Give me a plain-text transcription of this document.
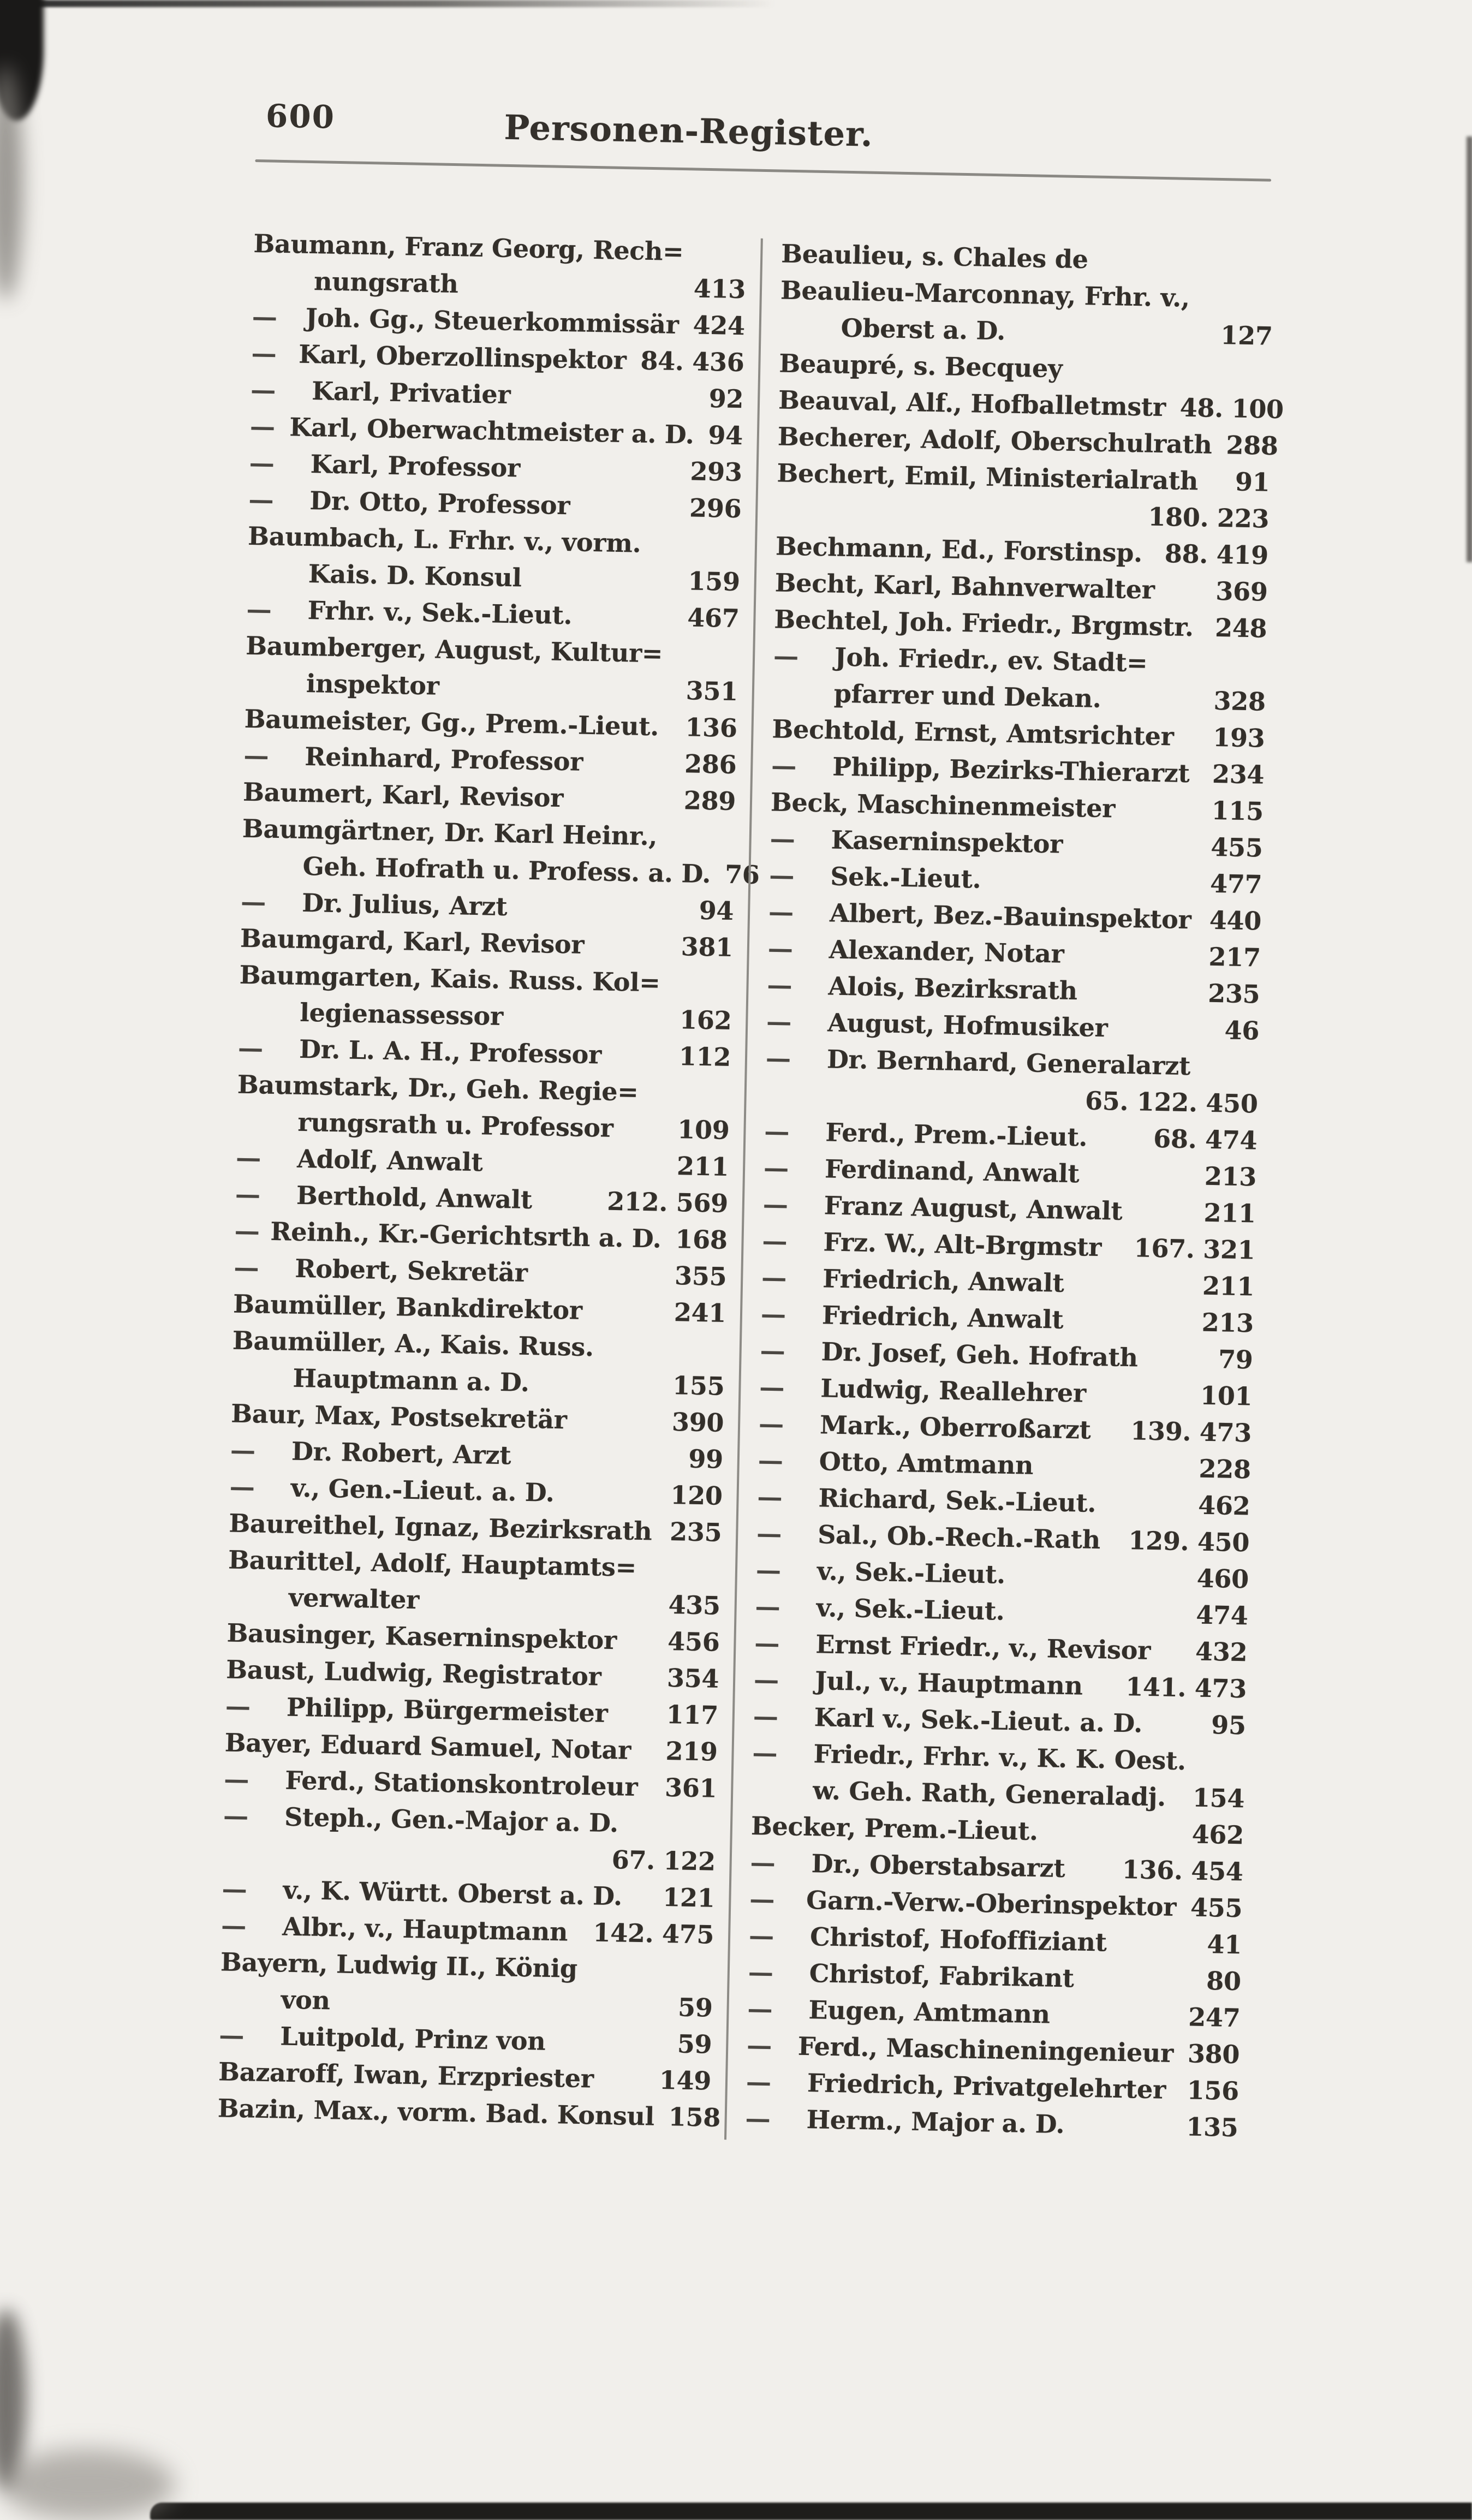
600	Personen-Register.
Baumann, Franz Georg, Rech=
nungsrath	413
—	Joh. Gg., Steuerkommissär 424
— Karl, Oberzollinspektor 84. 436
—	Karl, Privatier	92
— Karl, Oberwachtmeister a. D. 94
—	Karl, Professor	293
—	Dr. Otto, Professor	296
Baumbach, L. Frhr. v., vorm.
Kais. D. Konsul	159
—	Frhr. v., Sek.-Lieut.	467
Baumberger, August, Kultur=
inspektor	351
Baumeister, Gg., Prem.-Lieut.	136
—	Reinhard, Professor	286
Baumert, Karl, Revisor	289
Baumgärtner, Dr. Karl Heinr.,
Geh. Hofrath u. Profess. a. D. 76
—	Dr. Julius, Arzt	94
Baumgard, Karl, Revisor	381
Baumgarten, Kais. Russ. Kol=
legienassessor	162
—	Dr. L. A. H., Professor	112
Baumstark, Dr., Geh. Regie=
rungsrath u. Professor	109
—	Adolf, Anwalt	211
—	Berthold, Anwalt	212. 569
— Reinh., Kr.-Gerichtsrth a. D. 168
—	Robert, Sekretär	355
Baumüller, Bankdirektor	241
Baumüller, A., Kais. Russ.
Hauptmann a. D.	155
Baur, Max, Postsekretär	390
—	Dr. Robert, Arzt	99
—	v., Gen.-Lieut. a. D.	120
Baureithel, Ignaz, Bezirksrath 235
Baurittel, Adolf, Hauptamts=
verwalter	435
Bausinger, Kaserninspektor	456
Baust, Ludwig, Registrator	354
—	Philipp, Bürgermeister	117
Bayer, Eduard Samuel, Notar	219
—	Ferd., Stationskontroleur	361
—	Steph., Gen.-Major a. D.
67. 122
—	v., K. Württ. Oberst a. D.	121
—	Albr., v., Hauptmann 142. 475
Bayern, Ludwig II., König
von	59
—	Luitpold, Prinz von	59
Bazaroff, Iwan, Erzpriester	149
Bazin, Max., vorm. Bad. Konsul 158
Beaulieu, s. Chales de
Beaulieu-Marconnay, Frhr. v.,
Oberst a. D.	127
Beaupré, s. Becquey
Beauval, Alf., Hofballetmstr 48. 100
Becherer, Adolf, Oberschulrath 288
Bechert, Emil, Ministerialrath	91
180. 223
Bechmann, Ed., Forstinsp. 88. 419
Becht, Karl, Bahnverwalter	369
Bechtel, Joh. Friedr., Brgmstr. 248
—	Joh. Friedr., ev. Stadt=
pfarrer und Dekan.	328
Bechtold, Ernst, Amtsrichter	193
—	Philipp, Bezirks-Thierarzt 234
Beck, Maschinenmeister	115
—	Kaserninspektor	455
—	Sek.-Lieut.	477
—	Albert, Bez.-Bauinspektor 440
—	Alexander, Notar	217
—	Alois, Bezirksrath	235
—	August, Hofmusiker	46
—	Dr. Bernhard, Generalarzt
65. 122. 450
—	Ferd., Prem.-Lieut.	68. 474
—	Ferdinand, Anwalt	213
—	Franz August, Anwalt	211
—	Frz. W., Alt-Brgmstr	167. 321
—	Friedrich, Anwalt	211
—	Friedrich, Anwalt	213
—	Dr. Josef, Geh. Hofrath	79
—	Ludwig, Reallehrer	101
—	Mark., Oberroßarzt	139. 473
—	Otto, Amtmann	228
—	Richard, Sek.-Lieut.	462
—	Sal., Ob.-Rech.-Rath	129. 450
—	v., Sek.-Lieut.	460
—	v., Sek.-Lieut.	474
—	Ernst Friedr., v., Revisor	432
—	Jul., v., Hauptmann	141. 473
—	Karl v., Sek.-Lieut. a. D.	95
—	Friedr., Frhr. v., K. K. Oest.
w. Geh. Rath, Generaladj.	154
Becker, Prem.-Lieut.	462
—	Dr., Oberstabsarzt	136. 454
—	Garn.-Verw.-Oberinspektor 455
—	Christof, Hofoffiziant	41
—	Christof, Fabrikant	80
—	Eugen, Amtmann	247
—	Ferd., Maschineningenieur 380
—	Friedrich, Privatgelehrter 156
—	Herm., Major a. D.	135
